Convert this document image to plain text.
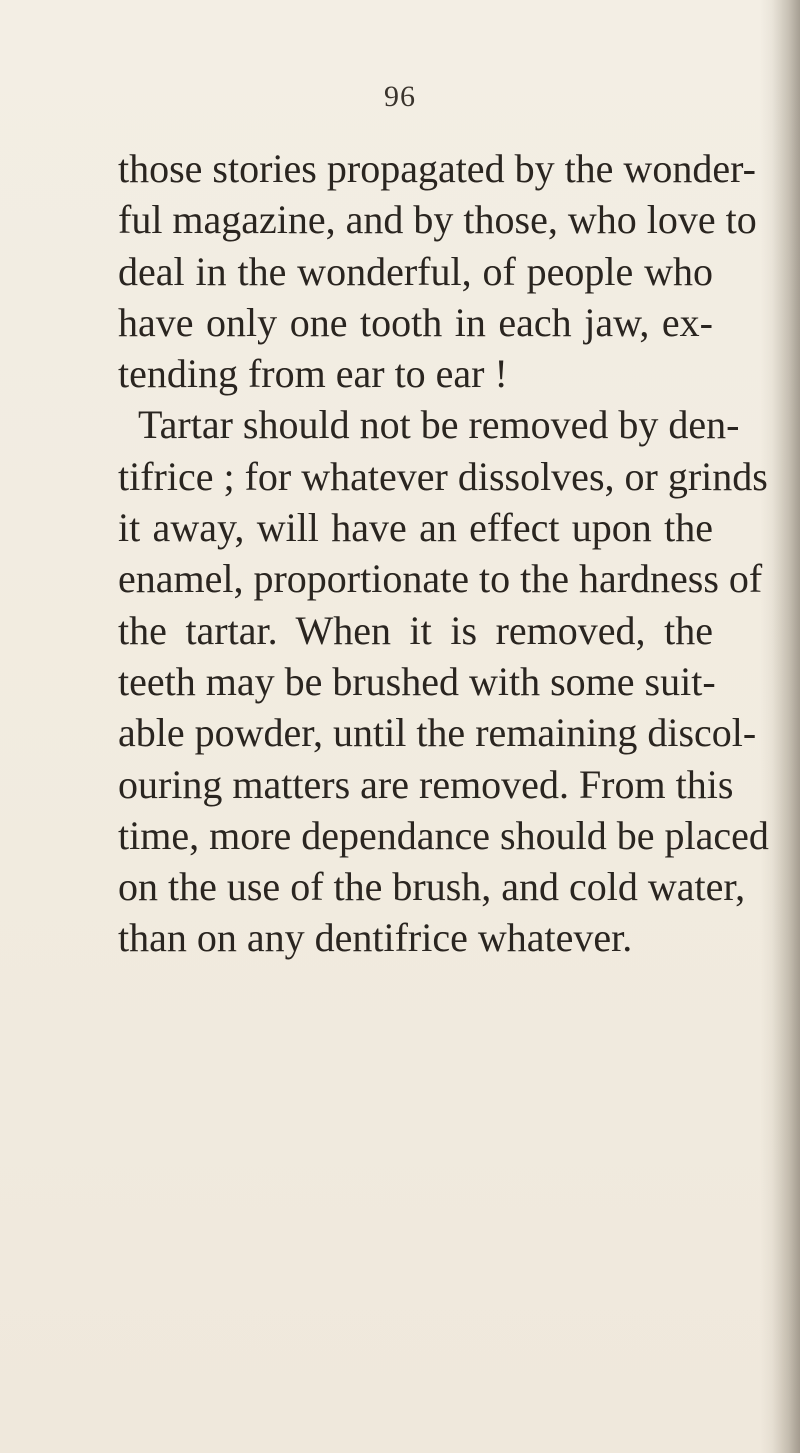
96
those stories propagated by the wonder-
ful magazine, and by those, who love to
deal in the wonderful, of people who
have only one tooth in each jaw, ex-
tending from ear to ear !
Tartar should not be removed by den-
tifrice ; for whatever dissolves, or grinds
it away, will have an effect upon the
enamel, proportionate to the hardness of
the tartar. When it is removed, the
teeth may be brushed with some suit-
able powder, until the remaining discol-
ouring matters are removed. From this
time, more dependance should be placed
on the use of the brush, and cold water,
than on any dentifrice whatever.
